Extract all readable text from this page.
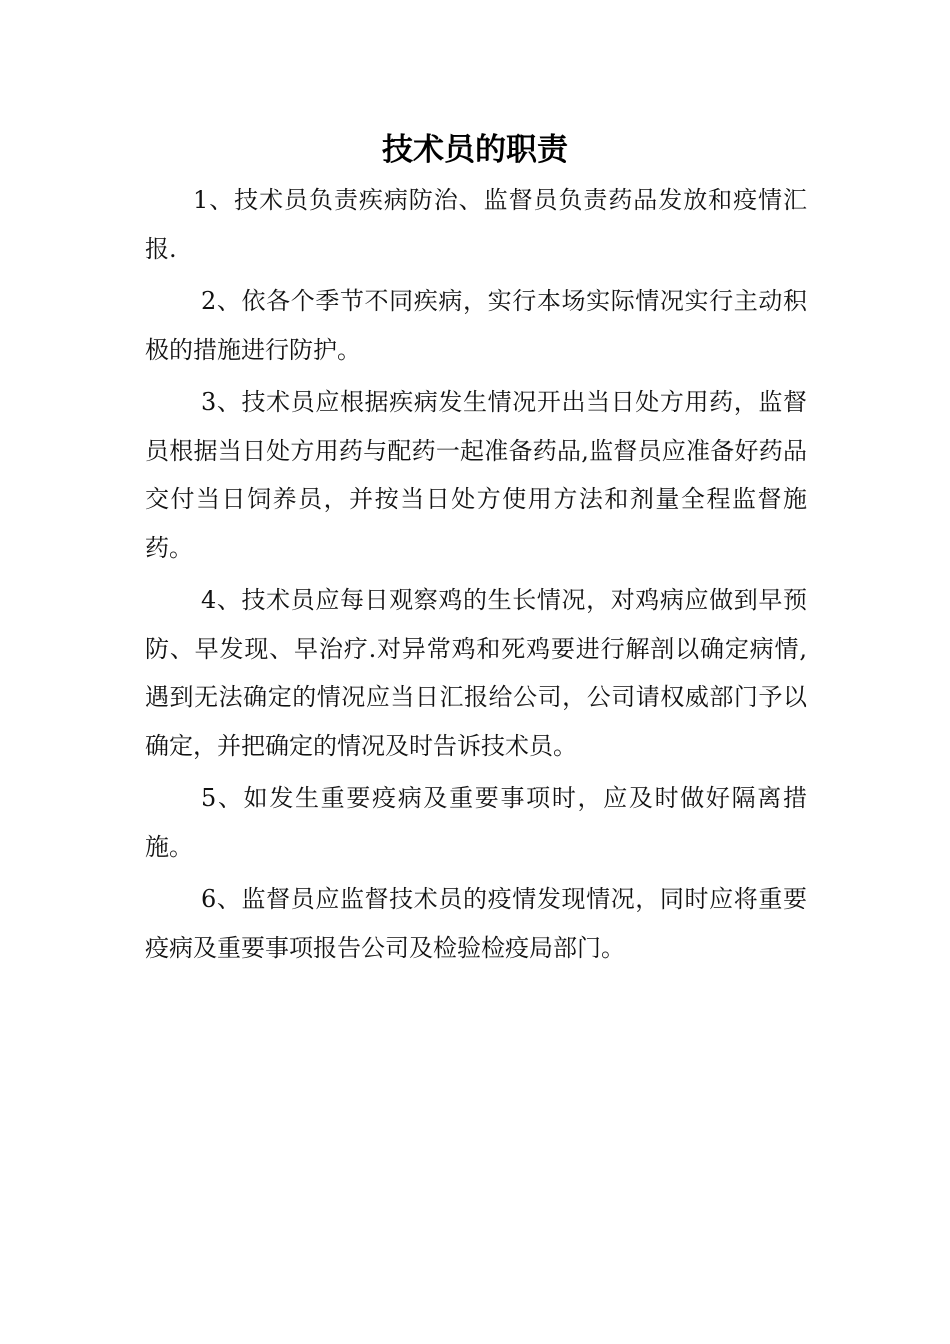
技术员的职责

1、技术员负责疾病防治、监督员负责药品发放和疫情汇报.

2、依各个季节不同疾病，实行本场实际情况实行主动积极的措施进行防护。

3、技术员应根据疾病发生情况开出当日处方用药，监督员根据当日处方用药与配药一起准备药品,监督员应准备好药品交付当日饲养员，并按当日处方使用方法和剂量全程监督施药。

4、技术员应每日观察鸡的生长情况，对鸡病应做到早预防、早发现、早治疗.对异常鸡和死鸡要进行解剖以确定病情,遇到无法确定的情况应当日汇报给公司，公司请权威部门予以确定，并把确定的情况及时告诉技术员。

5、如发生重要疫病及重要事项时，应及时做好隔离措施。

6、监督员应监督技术员的疫情发现情况，同时应将重要疫病及重要事项报告公司及检验检疫局部门。
